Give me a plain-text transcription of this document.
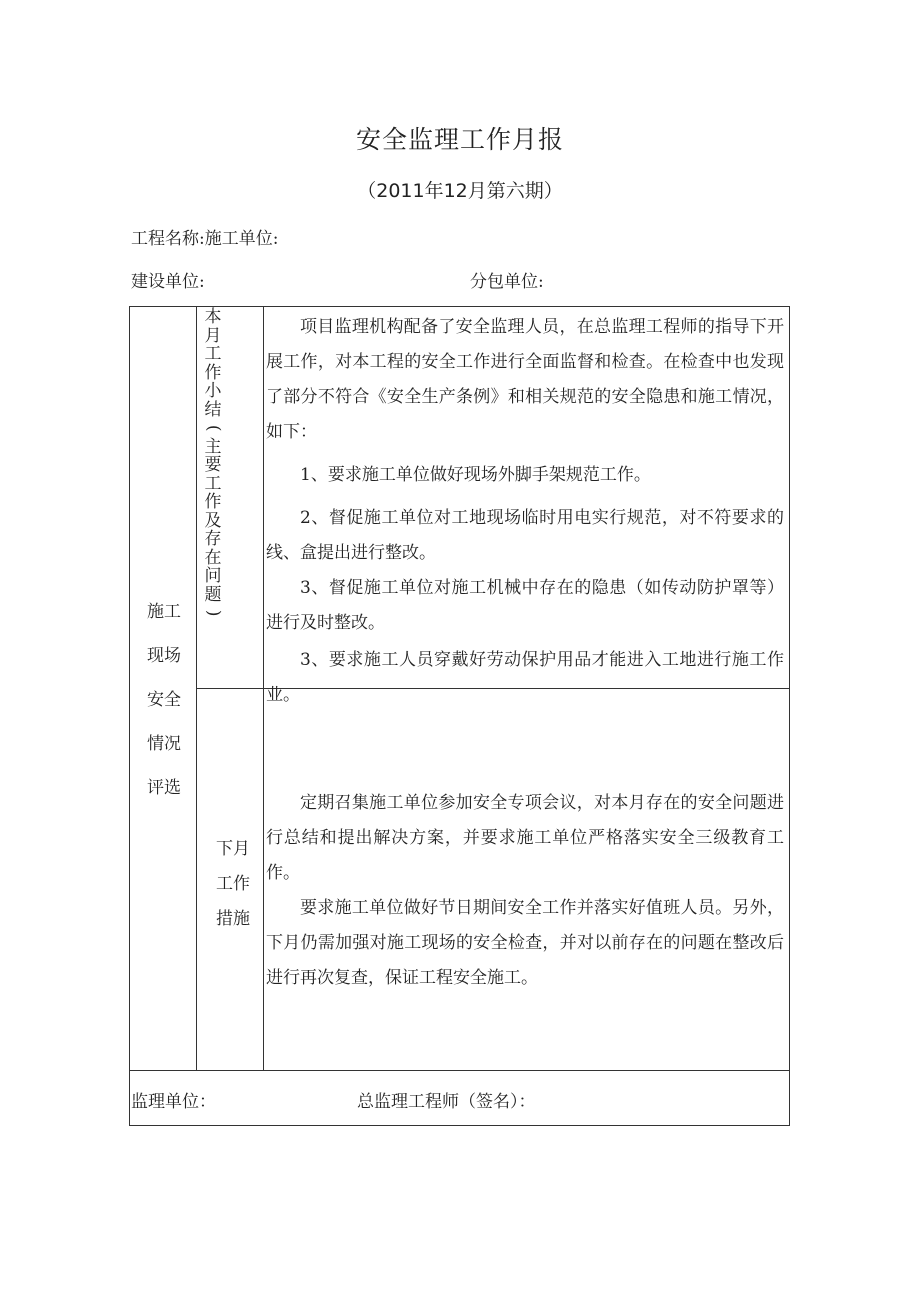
安全监理工作月报
（2011年12月第六期）
工程名称:施工单位:
建设单位:	分包单位:
施工
现场
安全
情况
评选
本
月
工
作
小
结
(
主
要
工
作
及
存
在
问
题
)

项目监理机构配备了安全监理人员，在总监理工程师的指导下开展工作，对本工程的安全工作进行全面监督和检查。在检查中也发现了部分不符合《安全生产条例》和相关规范的安全隐患和施工情况，如下：

1、要求施工单位做好现场外脚手架规范工作。

2、督促施工单位对工地现场临时用电实行规范，对不符要求的线、盒提出进行整改。

3、督促施工单位对施工机械中存在的隐患（如传动防护罩等）进行及时整改。

3、要求施工人员穿戴好劳动保护用品才能进入工地进行施工作业。

下月
工作
措施

定期召集施工单位参加安全专项会议，对本月存在的安全问题进行总结和提出解决方案，并要求施工单位严格落实安全三级教育工作。

要求施工单位做好节日期间安全工作并落实好值班人员。另外，下月仍需加强对施工现场的安全检查，并对以前存在的问题在整改后进行再次复查，保证工程安全施工。

监理单位：	总监理工程师（签名）：
